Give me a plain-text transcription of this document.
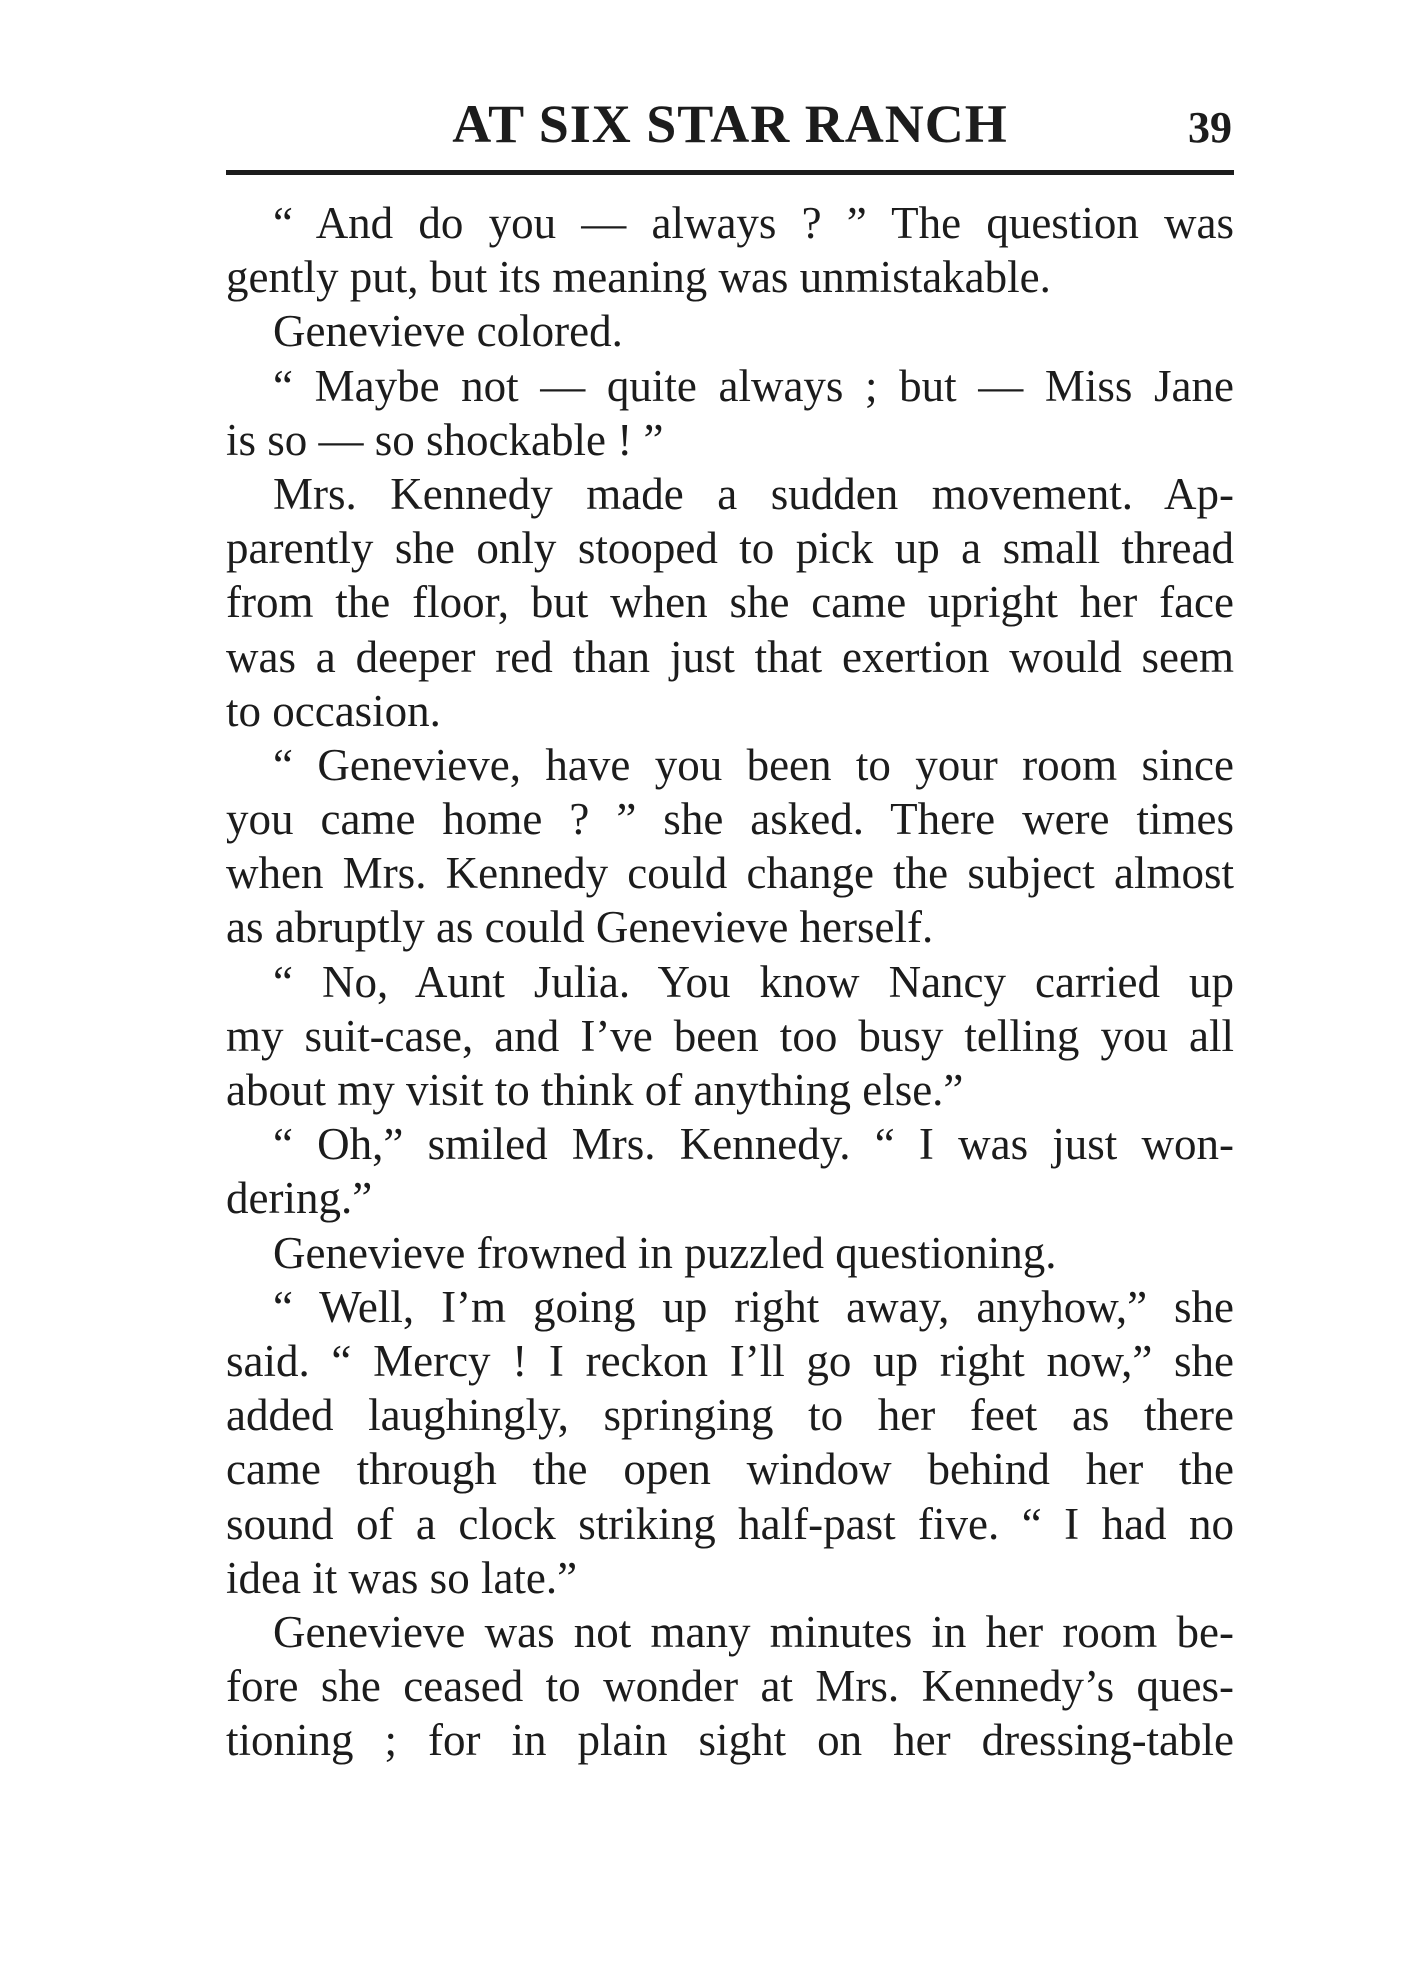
AT SIX STAR RANCH	39
“ And do you — always ? ” The question was
gently put, but its meaning was unmistakable.
Genevieve colored.
“ Maybe not — quite always ; but — Miss Jane
is so — so shockable ! ”
Mrs. Kennedy made a sudden movement. Ap-
parently she only stooped to pick up a small thread
from the floor, but when she came upright her face
was a deeper red than just that exertion would seem
to occasion.
“ Genevieve, have you been to your room since
you came home ? ” she asked. There were times
when Mrs. Kennedy could change the subject almost
as abruptly as could Genevieve herself.
“ No, Aunt Julia. You know Nancy carried up
my suit-case, and I’ve been too busy telling you all
about my visit to think of anything else.”
“ Oh,” smiled Mrs. Kennedy. “ I was just won-
dering.”
Genevieve frowned in puzzled questioning.
“ Well, I’m going up right away, anyhow,” she
said. “ Mercy ! I reckon I’ll go up right now,” she
added laughingly, springing to her feet as there
came through the open window behind her the
sound of a clock striking half-past five. “ I had no
idea it was so late.”
Genevieve was not many minutes in her room be-
fore she ceased to wonder at Mrs. Kennedy’s ques-
tioning ; for in plain sight on her dressing-table
